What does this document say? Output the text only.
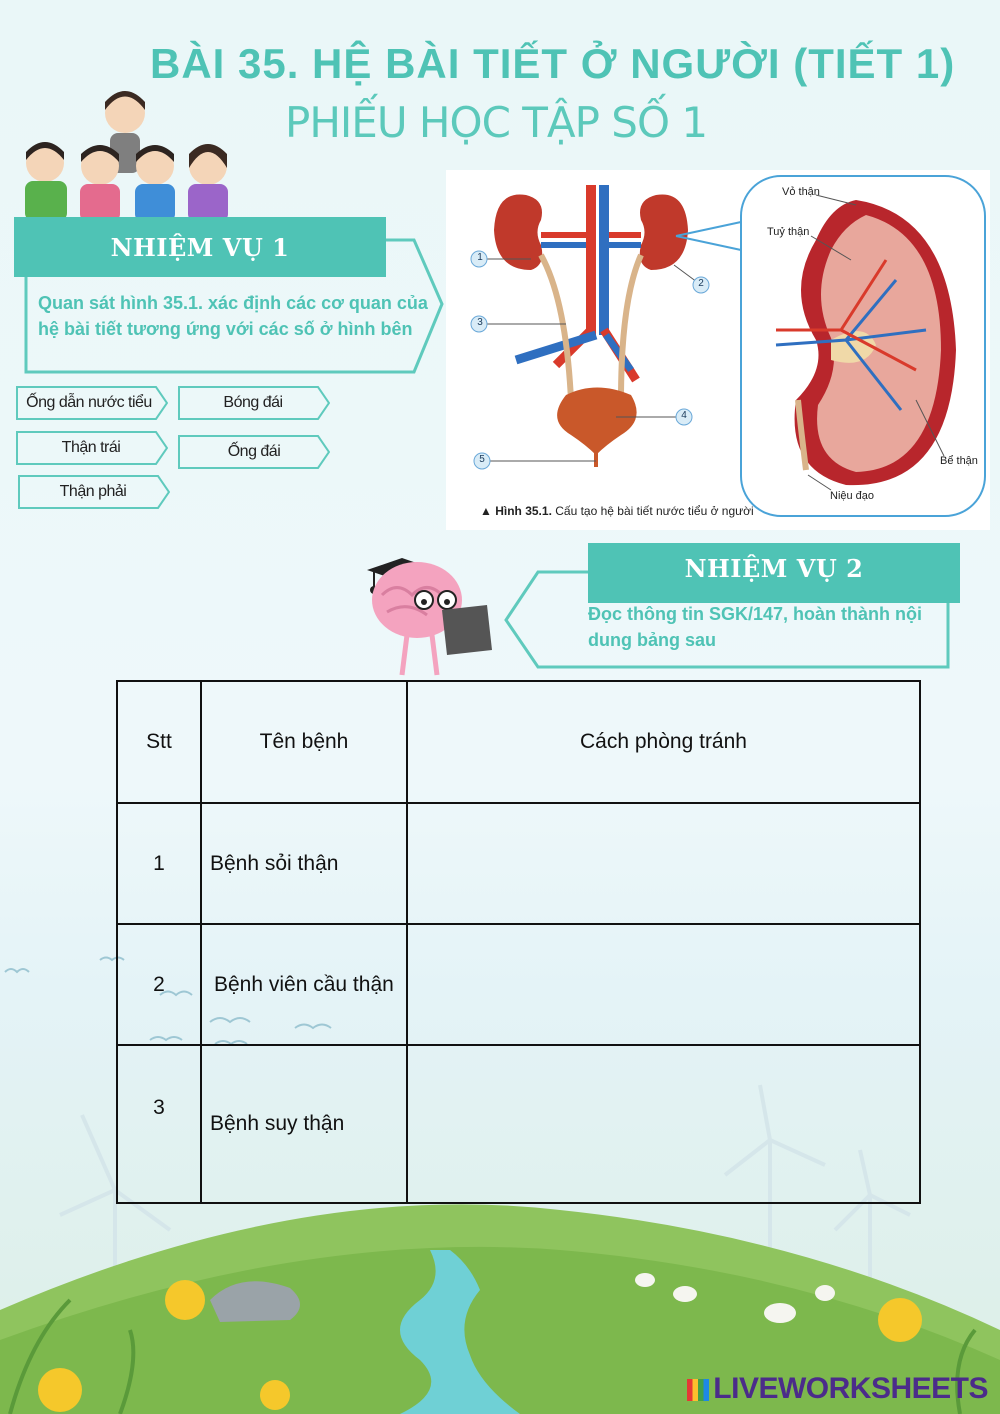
BÀI 35. HỆ BÀI TIẾT Ở NGƯỜI (TIẾT 1)
PHIẾU HỌC TẬP SỐ 1
NHIỆM VỤ 1
Quan sát hình 35.1. xác định các cơ quan của hệ bài tiết tương ứng với các số ở hình bên
Ống dẫn nước tiểu	Bóng đái
Thận trái	Ống đái
Thận phải
1
2
3
4
5
Vỏ thận
Tuỷ thận
Bể thận
Niệu đạo
▲ Hình 35.1. Cấu tạo hệ bài tiết nước tiểu ở người
NHIỆM VỤ 2
Đọc thông tin SGK/147, hoàn thành nội dung bảng sau
Stt	Tên bệnh	Cách phòng tránh
1	Bệnh sỏi thận	
2	Bệnh viên cầu thận	
3	Bệnh suy thận	
LIVEWORKSHEETS
